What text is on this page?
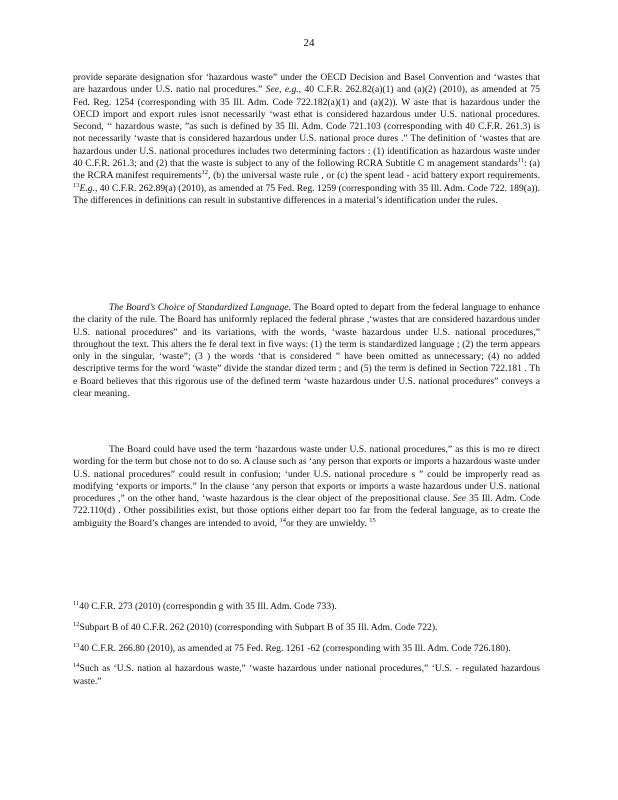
24

provide separate designation sfor ‘hazardous waste” under the OECD Decision and Basel Convention and ‘wastes that are hazardous under U.S. natio nal procedures.” See, e.g., 40 C.F.R. 262.82(a)(1) and (a)(2) (2010), as amended at 75 Fed. Reg. 1254 (corresponding with 35 Ill. Adm. Code 722.182(a)(1) and (a)(2)). W aste that is hazardous under the OECD import and export rules isnot necessarily ‘wast ethat is considered hazardous under U.S. national procedures. Second, ‘‘ hazardous waste, ”as such is defined by 35 Ill. Adm. Code 721.103 (corresponding with 40 C.F.R. 261.3) is not necessarily ‘waste that is considered hazardous under U.S. national proce dures .” The definition of ‘wastes that are hazardous under U.S. national procedures includes two determining factors : (1) identification as hazardous waste under 40 C.F.R. 261.3; and (2) that the waste is subject to any of the following RCRA Subtitle C m anagement standards$^{11}$: (a) the RCRA manifest requirements$^{12}$, (b) the universal waste rule , or (c) the spent lead - acid battery export requirements. $^{13}$E.g., 40 C.F.R. 262.89(a) (2010), as amended at 75 Fed. Reg. 1259 (corresponding with 35 Ill. Adm. Code 722. 189(a)). The differences in definitions can result in substantive differences in a material’s identification under the rules.

The Board’s Choice of Standardized Language. The Board opted to depart from the federal language to enhance the clarity of the rule. The Board has uniformly replaced the federal phrase ,‘wastes that are considered hazardous under U.S. national procedures” and its variations, with the words, ‘waste hazardous under U.S. national procedures,” throughout the text. This alters the fe deral text in five ways: (1) the term is standardized language ; (2) the term appears only in the singular, ‘waste”; (3 ) the words ‘that is considered ” have been omitted as unnecessary; (4) no added descriptive terms for the word ‘waste” divide the standar dized term ; and (5) the term is defined in Section 722.181 . Th e Board believes that this rigorous use of the defined term ‘waste hazardous under U.S. national procedures” conveys a clear meaning.

The Board could have used the term ‘hazardous waste under U.S. national procedures,” as this is mo re direct wording for the term but chose not to do so. A clause such as ‘any person that exports or imports a hazardous waste under U.S. national procedures” could result in confusion; ‘under U.S. national procedure s ” could be improperly read as modifying ‘exports or imports.” In the clause ‘any person that exports or imports a waste hazardous under U.S. national procedures ,” on the other hand, ‘waste hazardous is the clear object of the prepositional clause. See 35 Ill. Adm. Code 722.110(d) . Other possibilities exist, but those options either depart too far from the federal language, as to create the ambiguity the Board’s changes are intended to avoid, $^{14}$or they are unwieldy. $^{15}$

$^{11}$40 C.F.R. 273 (2010) (correspondin g with 35 Ill. Adm. Code 733).

$^{12}$Subpart B of 40 C.F.R. 262 (2010) (corresponding with Subpart B of 35 Ill. Adm. Code 722).

$^{13}$40 C.F.R. 266.80 (2010), as amended at 75 Fed. Reg. 1261 -62 (corresponding with 35 Ill. Adm. Code 726.180).

$^{14}$Such as ‘U.S. nation al hazardous waste,” ‘waste hazardous under national procedures,” ‘U.S. - regulated hazardous waste.”
